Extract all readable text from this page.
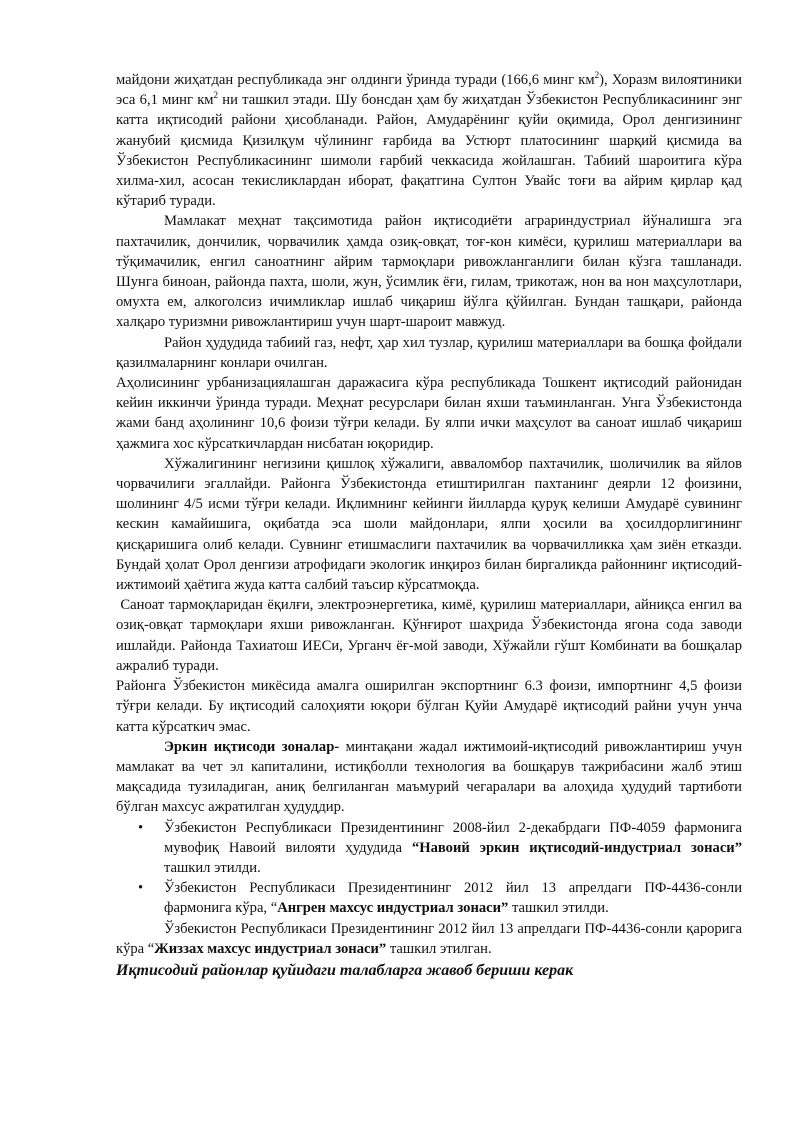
майдони жиҳатдан республикада энг олдинги ўринда туради (166,6 минг $км^2$), Хоразм вилоятиники эса 6,1 минг $км^2$ ни ташкил этади. Шу бонсдан ҳам бу жиҳатдан Ўзбекистон Республикасининг энг катта иқтисодий райони ҳисобланади. Район, Амударёнинг қуйи оқимида, Орол денгизининг жанубий қисмида Қизилқум чўлининг ғарбида ва Устюрт платосининг шарқий қисмида ва Ўзбекистон Республикасининг шимоли ғарбий чеккасида жойлашган. Табиий шароитига кўра хилма-хил, асосан текисликлардан иборат, фақатгина Султон Увайс тоғи ва айрим қирлар қад кўтариб туради.

Мамлакат меҳнат тақсимотида район иқтисодиёти аграриндустриал йўналишга эга пахтачилик, дончилик, чорвачилик ҳамда озиқ-овқат, тоғ-кон кимёси, қурилиш материаллари ва тўқимачилик, енгил саноатнинг айрим тармоқлари ривожланганлиги билан кўзга ташланади. Шунга биноан, районда пахта, шоли, жун, ўсимлик ёғи, гилам, трикотаж, нон ва нон маҳсулотлари, омухта ем, алкоголсиз ичимликлар ишлаб чиқариш йўлга қўйилган. Бундан ташқари, районда халқаро туризмни ривожлантириш учун шарт-шароит мавжуд.

Район ҳудудида табиий газ, нефт, ҳар хил тузлар, қурилиш материаллари ва бошқа фойдали қазилмаларнинг конлари очилган.

Аҳолисининг урбанизациялашган даражасига кўра республикада Тошкент иқтисодий районидан кейин иккинчи ўринда туради. Меҳнат ресурслари билан яхши таъминланган. Унга Ўзбекистонда жами банд аҳолининг 10,6 фоизи тўғри келади. Бу ялпи ички маҳсулот ва саноат ишлаб чиқариш ҳажмига хос кўрсаткичлардан нисбатан юқоридир.

Хўжалигининг негизини қишлоқ хўжалиги, авваломбор пахтачилик, шоличилик ва яйлов чорвачилиги эгаллайди. Районга Ўзбекистонда етиштирилган пахтанинг деярли 12 фоизини, шолининг 4/5 исми тўғри келади. Иқлимнинг кейинги йилларда қуруқ келиши Амударё сувининг кескин камайишига, оқибатда эса шоли майдонлари, ялпи ҳосили ва ҳосилдорлигининг қисқаришига олиб келади. Сувнинг етишмаслиги пахтачилик ва чорвачилликка ҳам зиён етказди. Бундай ҳолат Орол денгизи атрофидаги экологик инқироз билан биргаликда районнинг иқтисодий-ижтимоий ҳаётига жуда катта салбий таъсир кўрсатмоқда.

Саноат тармоқларидан ёқилғи, электроэнергетика, кимё, қурилиш материаллари, айниқса енгил ва озиқ-овқат тармоқлари яхши ривожланган. Қўнғирот шаҳрида Ўзбекистонда ягона сода заводи ишлайди. Районда Тахиатош ИЕСи, Урганч ёғ-мой заводи, Хўжайли гўшт Комбинати ва бошқалар ажралиб туради.

Районга Ўзбекистон микёсида амалга оширилган экспортнинг 6.3 фоизи, импортнинг 4,5 фоизи тўғри келади. Бу иқтисодий салоҳияти юқори бўлган Қуйи Амударё иқтисодий райни учун унча катта кўрсаткич эмас.

Эркин иқтисоди зоналар- минтақани жадал ижтимоий-иқтисодий ривожлантириш учун мамлакат ва чет эл капиталини, истиқболли технология ва бошқарув тажрибасини жалб этиш мақсадида тузиладиган, аниқ белгиланган маъмурий чегаралари ва алоҳида ҳудудий тартиботи бўлган махсус ажратилган ҳудуддир.

• Ўзбекистон Республикаси Президентининг 2008-йил 2-декабрдаги ПФ-4059 фармонига мувофиқ Навоий вилояти ҳудудида “Навоий эркин иқтисодий-индустриал зонаси” ташкил этилди.
• Ўзбекистон Республикаси Президентининг 2012 йил 13 апрелдаги ПФ-4436-сонли фармонига кўра, “Ангрен махсус индустриал зонаси” ташкил этилди.

Ўзбекистон Республикаси Президентининг 2012 йил 13 апрелдаги ПФ-4436-сонли қарорига кўра “Жиззах махсус индустриал зонаси” ташкил этилган.

Иқтисодий районлар қуйидаги талабларга жавоб бериши керак
